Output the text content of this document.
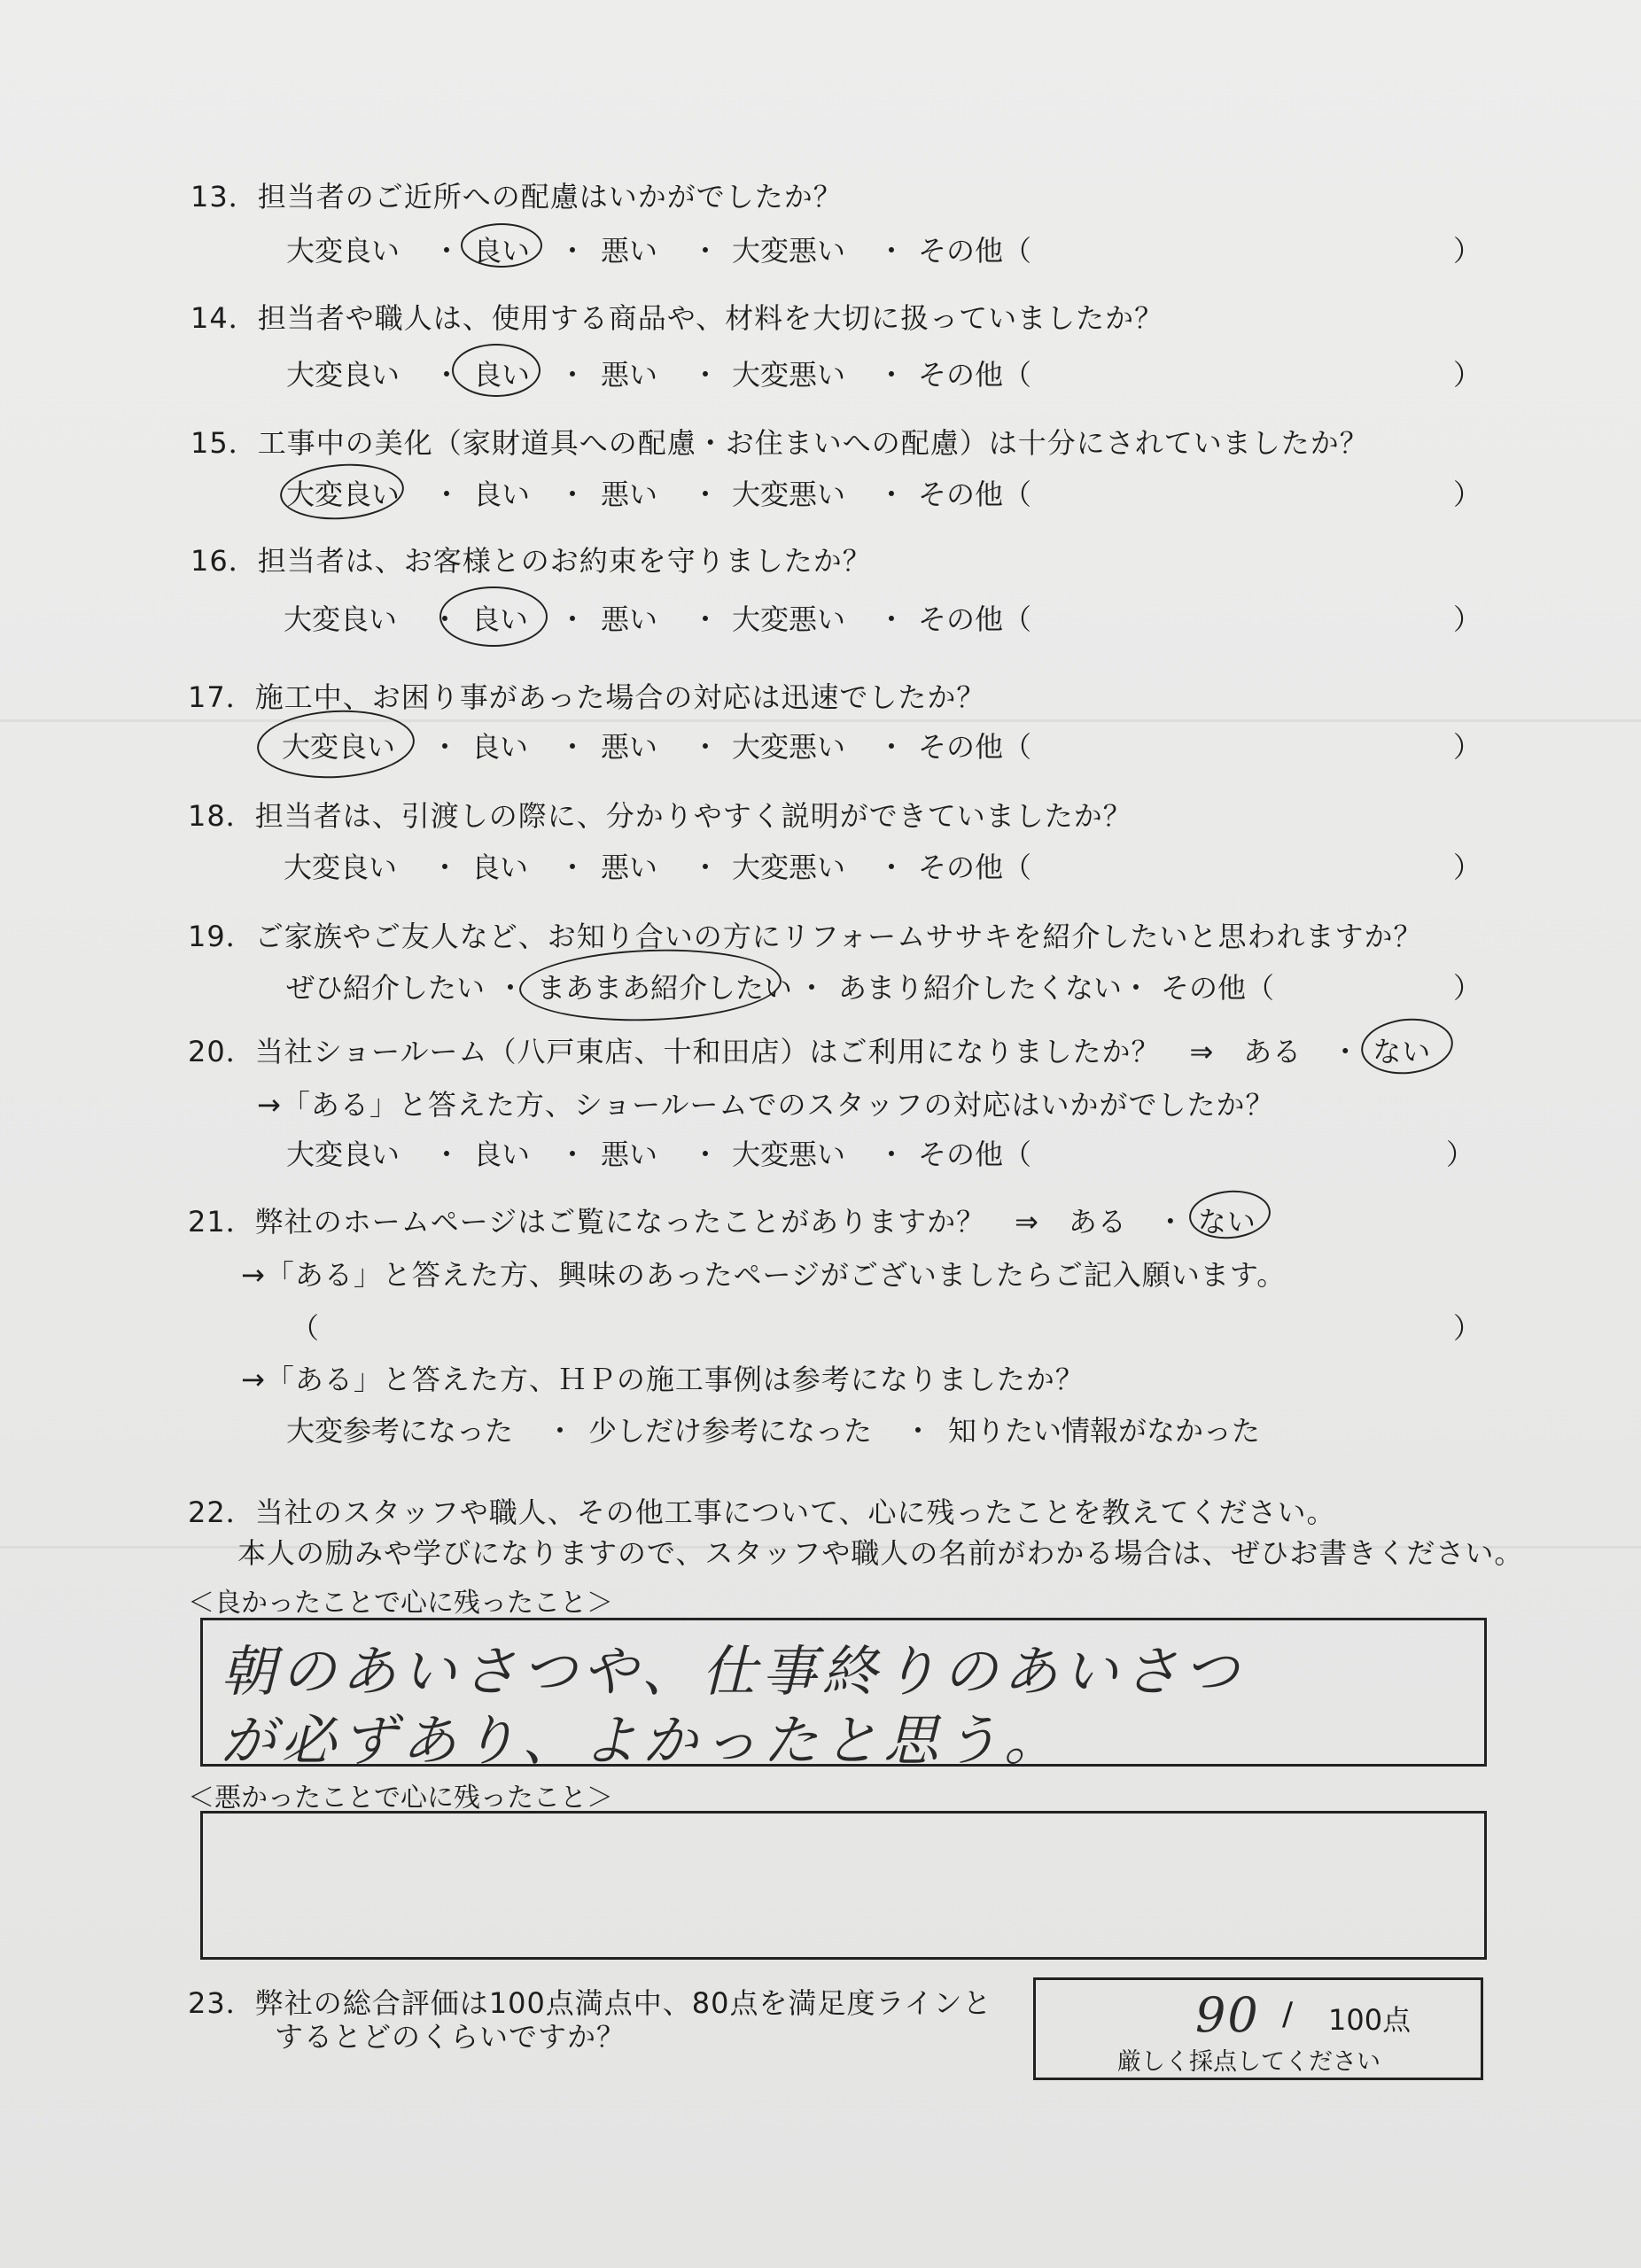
13．担当者のご近所への配慮はいかがでしたか？
大変良い ・ 良い ・ 悪い ・ 大変悪い ・ その他（	）
14．担当者や職人は、使用する商品や、材料を大切に扱っていましたか？
大変良い ・ 良い ・ 悪い ・ 大変悪い ・ その他（	）
15．工事中の美化（家財道具への配慮・お住まいへの配慮）は十分にされていましたか？
大変良い ・ 良い ・ 悪い ・ 大変悪い ・ その他（	）
16．担当者は、お客様とのお約束を守りましたか？
大変良い ・ 良い ・ 悪い ・ 大変悪い ・ その他（	）
17．施工中、お困り事があった場合の対応は迅速でしたか？
大変良い ・ 良い ・ 悪い ・ 大変悪い ・ その他（	）
18．担当者は、引渡しの際に、分かりやすく説明ができていましたか？
大変良い ・ 良い ・ 悪い ・ 大変悪い ・ その他（	）
19．ご家族やご友人など、お知り合いの方にリフォームササキを紹介したいと思われますか？
ぜひ紹介したい ・ まあまあ紹介したい ・ あまり紹介したくない ・ その他（	）
20．当社ショールーム（八戸東店、十和田店）はご利用になりましたか？　⇒　ある　・ ない
→「ある」と答えた方、ショールームでのスタッフの対応はいかがでしたか？
大変良い ・ 良い ・ 悪い ・ 大変悪い ・ その他（	）
21．弊社のホームページはご覧になったことがありますか？　⇒　ある　・ ない
→「ある」と答えた方、興味のあったページがございましたらご記入願います。
（	）
→「ある」と答えた方、ＨＰの施工事例は参考になりましたか？
大変参考になった ・ 少しだけ参考になった ・ 知りたい情報がなかった
22．当社のスタッフや職人、その他工事について、心に残ったことを教えてください。
本人の励みや学びになりますので、スタッフや職人の名前がわかる場合は、ぜひお書きください。
＜良かったことで心に残ったこと＞
朝のあいさつや、仕事終りのあいさつ
が必ずあり、よかったと思う。
＜悪かったことで心に残ったこと＞
23．弊社の総合評価は100点満点中、80点を満足度ラインと
するとどのくらいですか？	90 / 100点
厳しく採点してください
